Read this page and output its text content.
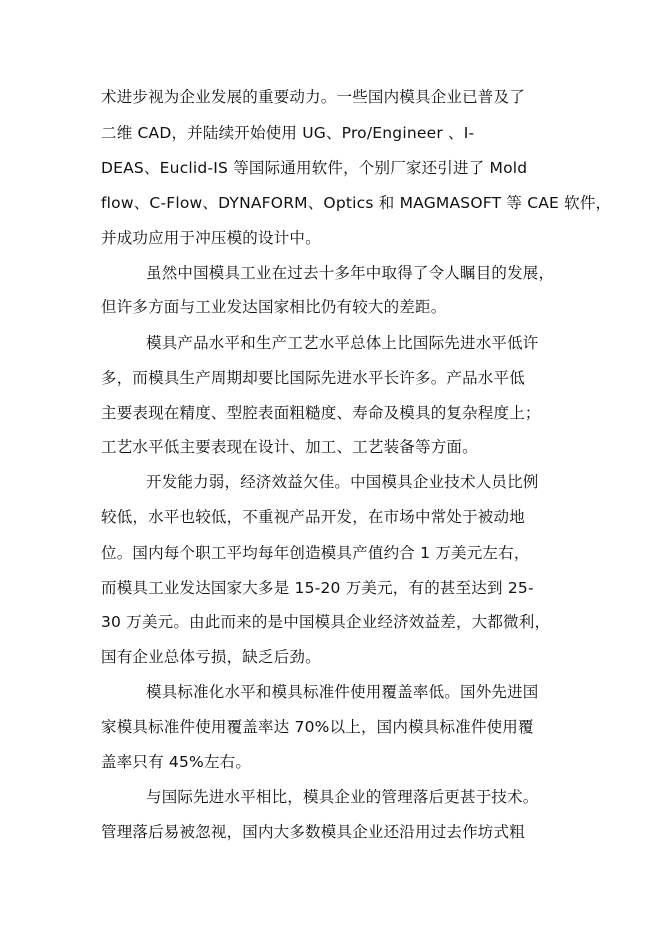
术进步视为企业发展的重要动力。一些国内模具企业已普及了
二维 CAD，并陆续开始使用 UG、Pro/Engineer 、I-
DEAS、Euclid-IS 等国际通用软件，个别厂家还引进了 Mold
flow、C-Flow、DYNAFORM、Optics 和 MAGMASOFT 等 CAE 软件，
并成功应用于冲压模的设计中。
虽然中国模具工业在过去十多年中取得了令人瞩目的发展，
但许多方面与工业发达国家相比仍有较大的差距。
模具产品水平和生产工艺水平总体上比国际先进水平低许
多，而模具生产周期却要比国际先进水平长许多。产品水平低
主要表现在精度、型腔表面粗糙度、寿命及模具的复杂程度上；
工艺水平低主要表现在设计、加工、工艺装备等方面。
开发能力弱，经济效益欠佳。中国模具企业技术人员比例
较低，水平也较低，不重视产品开发，在市场中常处于被动地
位。国内每个职工平均每年创造模具产值约合 1 万美元左右，
而模具工业发达国家大多是 15-20 万美元，有的甚至达到 25-
30 万美元。由此而来的是中国模具企业经济效益差，大都微利，
国有企业总体亏损，缺乏后劲。
模具标准化水平和模具标准件使用覆盖率低。国外先进国
家模具标准件使用覆盖率达 70%以上，国内模具标准件使用覆
盖率只有 45%左右。
与国际先进水平相比，模具企业的管理落后更甚于技术。
管理落后易被忽视，国内大多数模具企业还沿用过去作坊式粗
